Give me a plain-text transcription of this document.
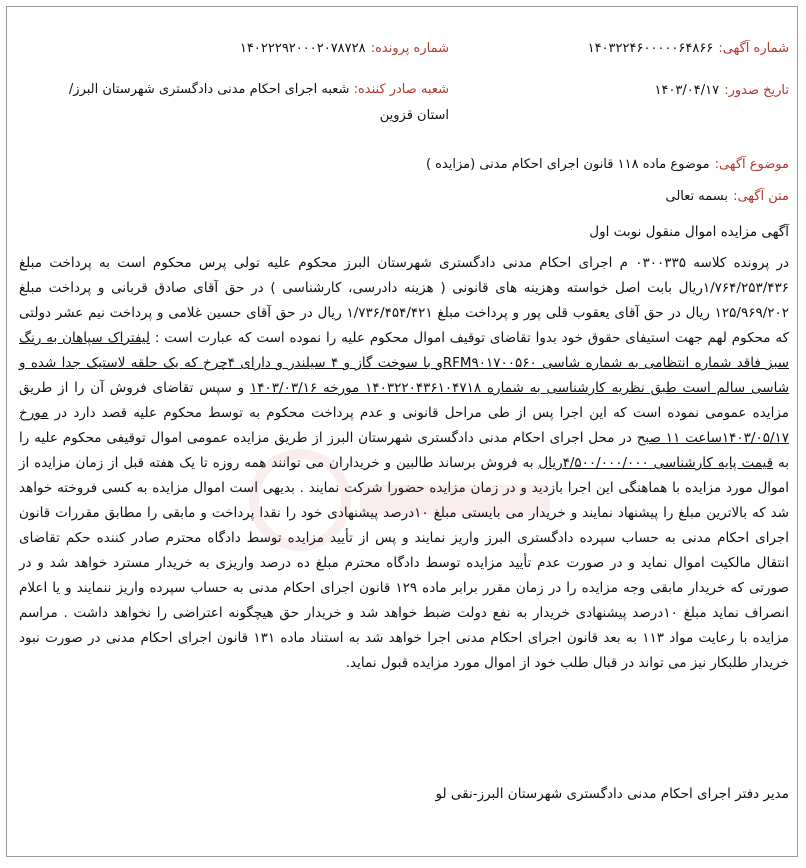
شماره آگهی: ۱۴۰۳۲۲۴۶۰۰۰۰۰۶۴۸۶۶
شماره پرونده: ۱۴۰۲۲۲۹۲۰۰۰۲۰۷۸۷۲۸
تاریخ صدور: ۱۴۰۳/۰۴/۱۷
شعبه صادر کننده: شعبه اجرای احکام مدنی دادگستری شهرستان البرز/استان قزوین
موضوع آگهی: موضوع ماده ۱۱۸ قانون اجرای احکام مدنی (مزایده )
متن آگهی: بسمه تعالی
آگهی مزایده اموال منقول نوبت اول
در پرونده کلاسه ۰۳۰۰۳۳۵ م اجرای احکام مدنی دادگستری شهرستان البرز محکوم علیه تولی پرس محکوم است به پرداخت مبلغ ۱/۷۶۴/۲۵۳/۴۳۶ریال بابت اصل خواسته وهزینه های قانونی ( هزینه دادرسی، کارشناسی ) در حق آقای صادق قربانی و پرداخت مبلغ ۱۲۵/۹۶۹/۲۰۲ ریال در حق آقای یعقوب قلی پور و پرداخت مبلغ ۱/۷۳۶/۴۵۴/۴۲۱ ریال در حق آقای حسین غلامی و پرداخت نیم عشر دولتی که محکوم لهم جهت استیفای حقوق خود بدوا تقاضای توقیف اموال محکوم علیه را نموده است که عبارت است : لیفتراک سپاهان به رنگ سبز فاقد شماره انتظامی به شماره شاسی RFM۹۰۱۷۰۰۵۶۰و با سوخت گاز و ۴ سیلندر و دارای ۴چرخ که یک حلقه لاستیک جدا شده و شاسی سالم است طبق نظریه کارشناسی به شماره ۱۴۰۳۲۲۰۴۳۶۱۰۴۷۱۸ مورخه ۱۴۰۳/۰۳/۱۶ و سپس تقاضای فروش آن را از طریق مزایده عمومی نموده است که این اجرا پس از طی مراحل قانونی و عدم پرداخت محکوم به توسط محکوم علیه قصد دارد در مورخ ۱۴۰۳/۰۵/۱۷ساعت ۱۱ صبح در محل اجرای احکام مدنی دادگستری شهرستان البرز از طریق مزایده عمومی اموال توقیفی محکوم علیه را به قیمت پایه کارشناسی ۴/۵۰۰/۰۰۰/۰۰۰ریال به فروش برساند طالبین و خریداران می توانند همه روزه تا یک هفته قبل از زمان مزایده از اموال مورد مزایده با هماهنگی این اجرا بازدید و در زمان مزایده حضورا شرکت نمایند . بدیهی است اموال مزایده به کسی فروخته خواهد شد که بالاترین مبلغ را پیشنهاد نمایند و خریدار می بایستی مبلغ ۱۰درصد پیشنهادی خود را نقدا پرداخت و مابقی را مطابق مقررات قانون اجرای احکام مدنی به حساب سپرده دادگستری البرز واریز نمایند و پس از تأیید مزایده توسط دادگاه محترم صادر کننده حکم تقاضای انتقال مالکیت اموال نماید و در صورت عدم تأیید مزایده توسط دادگاه محترم مبلغ ده درصد واریزی به خریدار مسترد خواهد شد و در صورتی که خریدار مابقی وجه مزایده را در زمان مقرر برابر ماده ۱۲۹ قانون اجرای احکام مدنی به حساب سپرده واریز ننمایند و یا اعلام انصراف نماید مبلغ ۱۰درصد پیشنهادی خریدار به نفع دولت ضبط خواهد شد و خریدار حق هیچگونه اعتراضی را نخواهد داشت . مراسم مزایده با رعایت مواد ۱۱۳ به بعد قانون اجرای احکام مدنی اجرا خواهد شد به استناد ماده ۱۳۱ قانون اجرای احکام مدنی در صورت نبود خریدار طلبکار نیز می تواند در قبال طلب خود از اموال مورد مزایده قبول نماید.
مدیر دفتر اجرای احکام مدنی دادگستری شهرستان البرز-نقی لو
